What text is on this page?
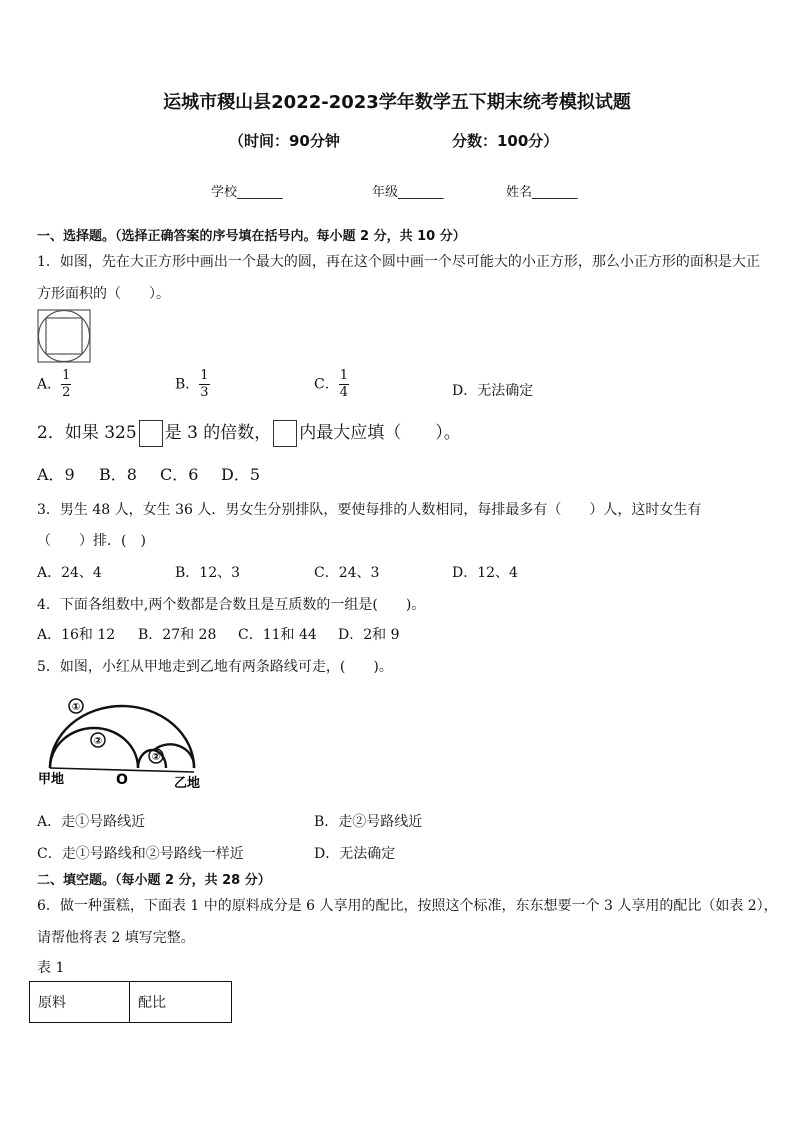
运城市稷山县2022-2023学年数学五下期末统考模拟试题
（时间：90分钟	分数：100分）
学校_______	年级_______	姓名_______
一、选择题。（选择正确答案的序号填在括号内。每小题 2 分，共 10 分）
1．如图，先在大正方形中画出一个最大的圆，再在这个圆中画一个尽可能大的小正方形，那么小正方形的面积是大正
方形面积的（　　）。
A． $\frac{1}{2}$	B． $\frac{1}{3}$	C． $\frac{1}{4}$	D．无法确定
2．如果 325 是 3 的倍数， 内最大应填（　　）。
A．9 B．8 C．6 D．5
3．男生 48 人，女生 36 人．男女生分别排队，要使每排的人数相同，每排最多有（　　）人，这时女生有
（　　）排．(　)
A．24、4	B．12、3	C．24、3	D．12、4
4．下面各组数中,两个数都是合数且是互质数的一组是(　　)。
A．16和 12 B．27和 28 C．11和 44 D．2和 9
5．如图，小红从甲地走到乙地有两条路线可走，(　　)。
①
②
②
甲地	O	乙地
A．走①号路线近	B．走②号路线近
C．走①号路线和②号路线一样近	D．无法确定
二、填空题。（每小题 2 分，共 28 分）
6．做一种蛋糕，下面表 1 中的原料成分是 6 人享用的配比，按照这个标准，东东想要一个 3 人享用的配比（如表 2），
请帮他将表 2 填写完整。
表 1
原料	配比
